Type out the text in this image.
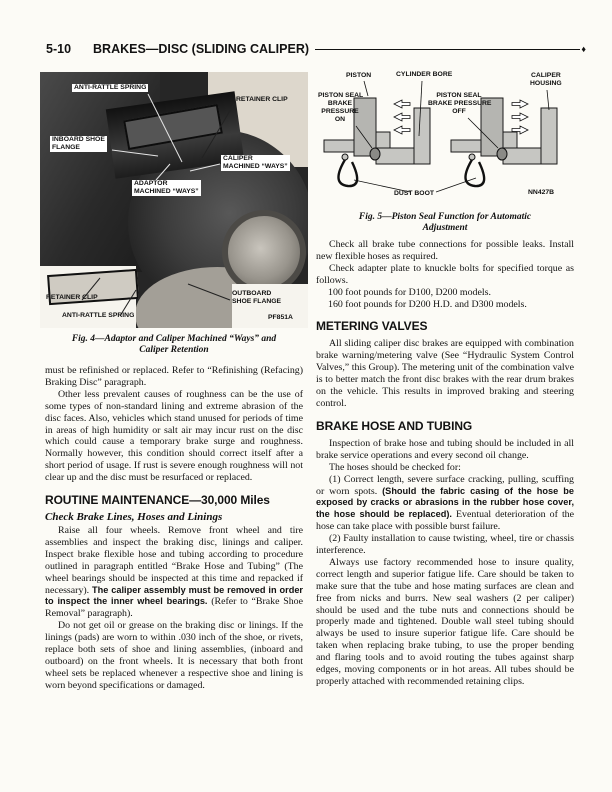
5-10 BRAKES—DISC (SLIDING CALIPER)	♦
ANTI-RATTLE SPRING
RETAINER CLIP
INBOARD SHOE
FLANGE
CALIPER
MACHINED “WAYS”
ADAPTOR
MACHINED “WAYS”
RETAINER CLIP
ANTI-RATTLE SPRING
OUTBOARD
SHOE FLANGE
PF851A
Fig. 4—Adaptor and Caliper Machined “Ways” and
Caliper Retention
PISTON	CYLINDER BORE	CALIPER
HOUSING
PISTON SEAL
BRAKE
PRESSURE
ON
PISTON SEAL
BRAKE PRESSURE
OFF
DUST BOOT	NN427B
Fig. 5—Piston Seal Function for Automatic
Adjustment

must be refinished or replaced. Refer to “Refinishing (Refacing) Braking Disc” paragraph.

Other less prevalent causes of roughness can be the use of some types of non-standard lining and extreme abrasion of the disc faces. Also, vehicles which stand unused for periods of time in areas of high humidity or salt air may incur rust on the disc which could cause a temporary brake surge and roughness. Normally however, this condition should correct itself after a short period of usage. If rust is severe enough roughness will not clear up and the disc must be resurfaced or replaced.

ROUTINE MAINTENANCE—30,000 Miles
Check Brake Lines, Hoses and Linings

Raise all four wheels. Remove front wheel and tire assemblies and inspect the braking disc, linings and caliper. Inspect brake flexible hose and tubing according to procedure outlined in paragraph entitled “Brake Hose and Tubing” (The wheel bearings should be inspected at this time and repacked if necessary). The caliper assembly must be removed in order to inspect the inner wheel bearings. (Refer to “Brake Shoe Removal” paragraph).

Do not get oil or grease on the braking disc or linings. If the linings (pads) are worn to within .030 inch of the shoe, or rivets, replace both sets of shoe and lining assemblies, (inboard and outboard) on the front wheels. It is necessary that both front wheel sets be replaced whenever a respective shoe and lining is worn beyond specifications or damaged.

Check all brake tube connections for possible leaks. Install new flexible hoses as required.

Check adapter plate to knuckle bolts for specified torque as follows.

100 foot pounds for D100, D200 models.

160 foot pounds for D200 H.D. and D300 models.

METERING VALVES

All sliding caliper disc brakes are equipped with combination brake warning/metering valve (See “Hydraulic System Control Valves,” this Group). The metering unit of the combination valve is to better match the front disc brakes with the rear drum brakes on the vehicle. This results in improved braking and steering control.

BRAKE HOSE AND TUBING

Inspection of brake hose and tubing should be included in all brake service operations and every second oil change.

The hoses should be checked for:

(1) Correct length, severe surface cracking, pulling, scuffing or worn spots. (Should the fabric casing of the hose be exposed by cracks or abrasions in the rubber hose cover, the hose should be replaced). Eventual deterioration of the hose can take place with possible burst failure.

(2) Faulty installation to cause twisting, wheel, tire or chassis interference.

Always use factory recommended hose to insure quality, correct length and superior fatigue life. Care should be taken to make sure that the tube and hose mating surfaces are clean and free from nicks and burrs. New seal washers (2 per caliper) should be used and the tube nuts and connections should be properly made and tightened. Double wall steel tubing should always be used to insure superior fatigue life. Care should be taken when replacing brake tubing, to use the proper bending and flaring tools and to avoid routing the tubes against sharp edges, moving components or in hot areas. All tubes should be properly attached with recommended retaining clips.
